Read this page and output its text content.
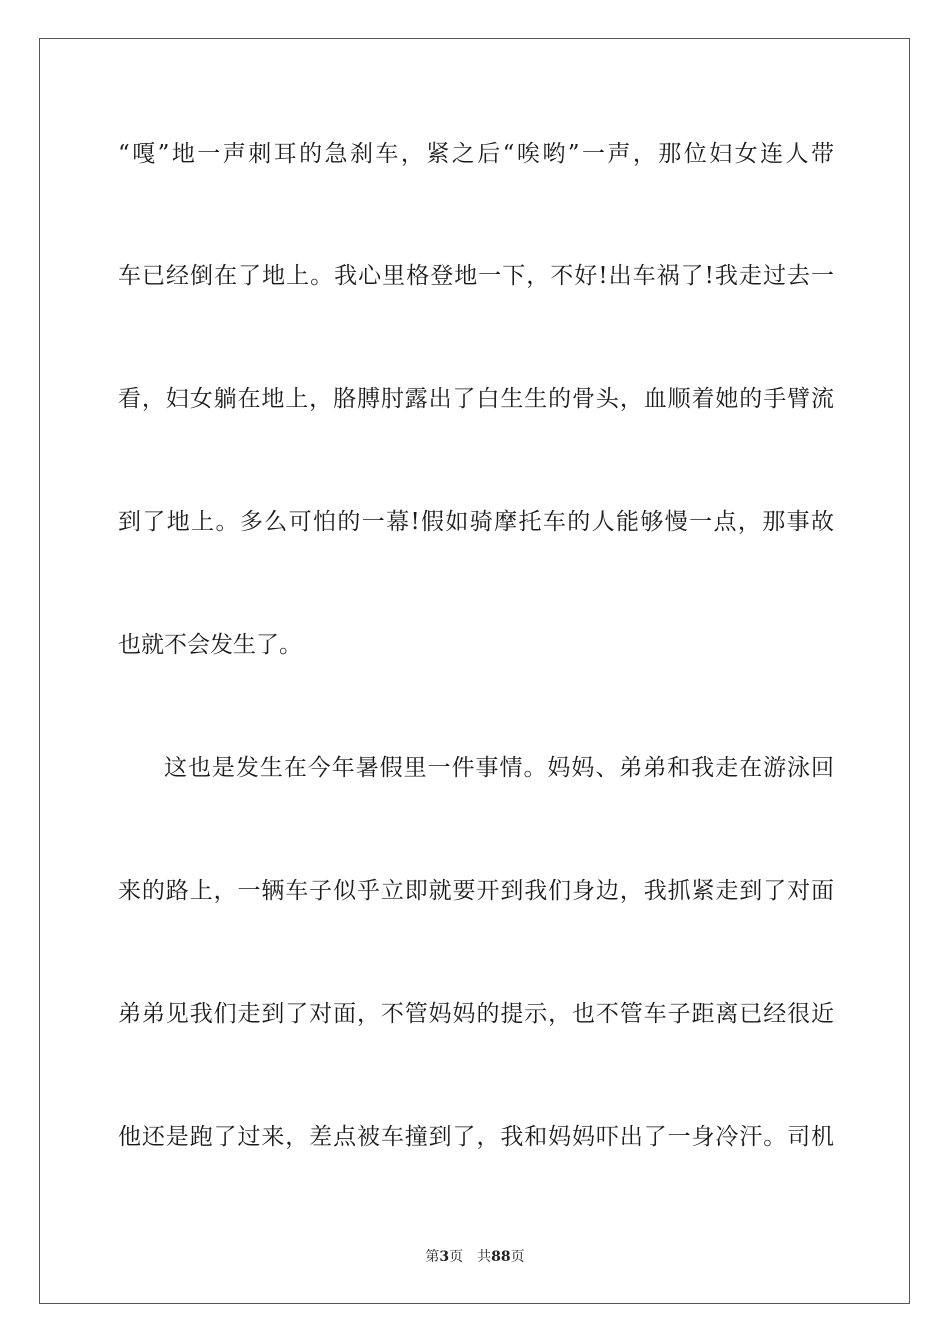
“嘎”地一声刺耳的急刹车，紧之后“唉哟”一声，那位妇女连人带
车已经倒在了地上。我心里格登地一下，不好!出车祸了!我走过去一
看，妇女躺在地上，胳膊肘露出了白生生的骨头，血顺着她的手臂流
到了地上。多么可怕的一幕!假如骑摩托车的人能够慢一点，那事故
也就不会发生了。
这也是发生在今年暑假里一件事情。妈妈、弟弟和我走在游泳回
来的路上，一辆车子似乎立即就要开到我们身边，我抓紧走到了对面
弟弟见我们走到了对面，不管妈妈的提示，也不管车子距离已经很近
他还是跑了过来，差点被车撞到了，我和妈妈吓出了一身冷汗。司机
第3页 共88页
